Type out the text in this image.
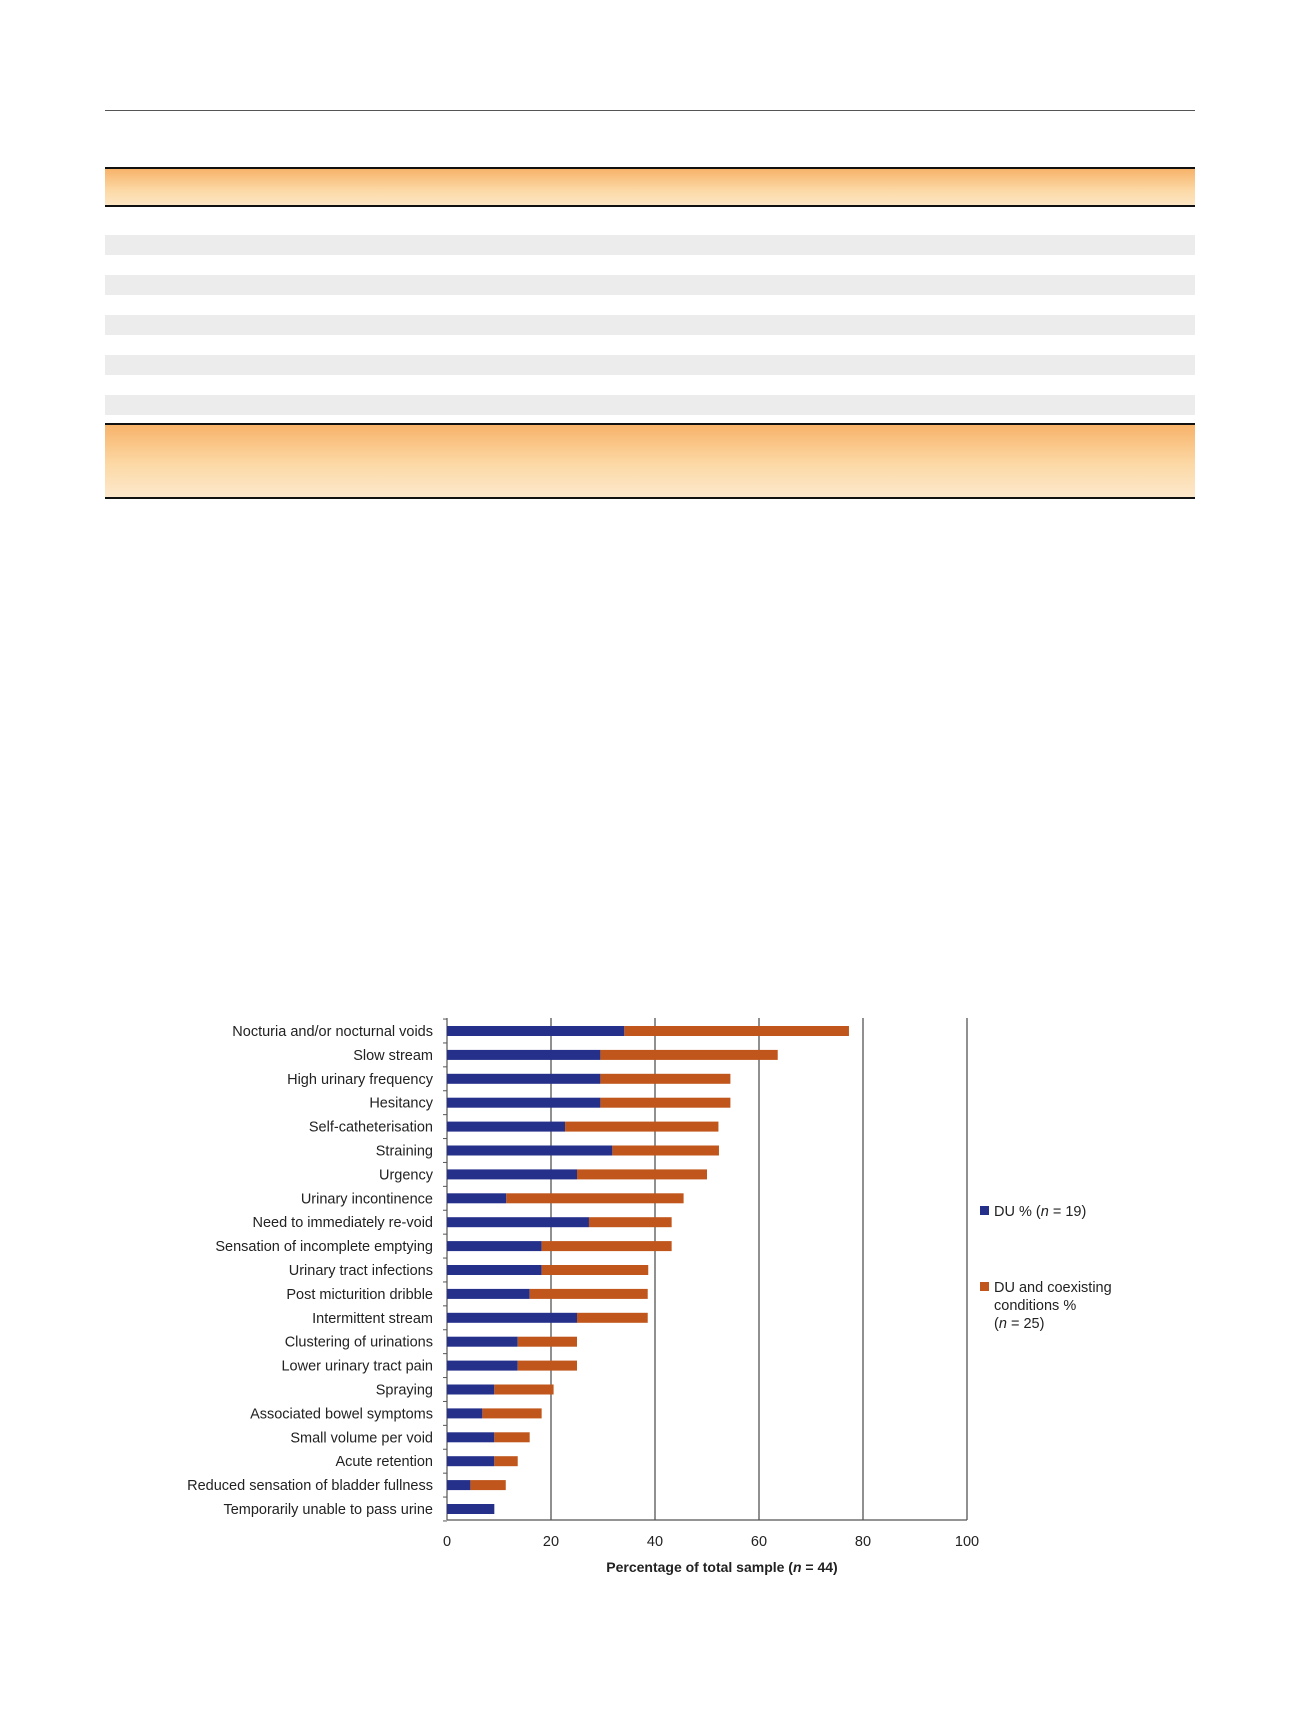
0	20	40	60	80	100
Nocturia and/or nocturnal voids
Slow stream
High urinary frequency
Hesitancy
Self-catheterisation
Straining
Urgency
Urinary incontinence
Need to immediately re-void
Sensation of incomplete emptying
Urinary tract infections
Post micturition dribble
Intermittent stream
Clustering of urinations
Lower urinary tract pain
Spraying
Associated bowel symptoms
Small volume per void
Acute retention
Reduced sensation of bladder fullness
Temporarily unable to pass urine
Percentage of total sample (n = 44)
DU % (n = 19)
DU and coexisting
conditions %
(n = 25)
